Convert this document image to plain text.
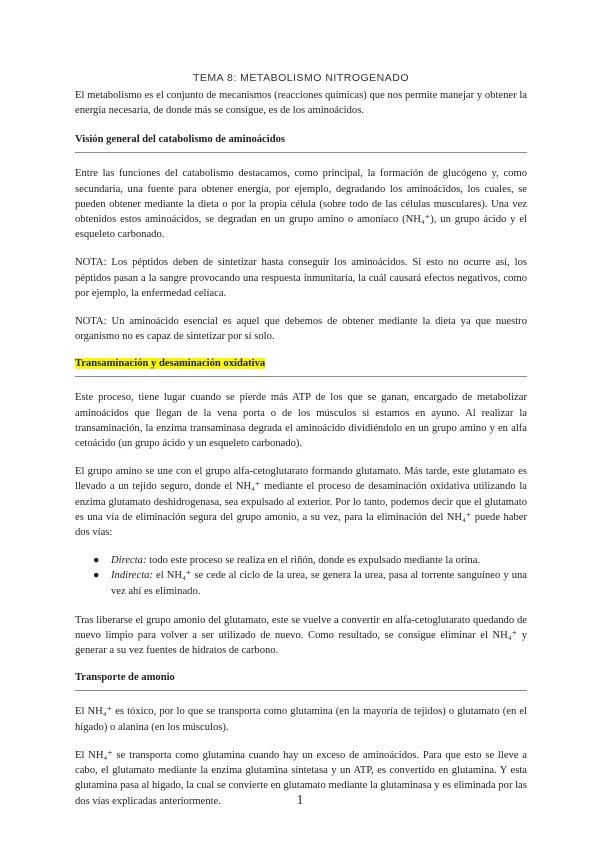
TEMA 8: METABOLISMO NITROGENADO

El metabolismo es el conjunto de mecanismos (reacciones químicas) que nos permite manejar y obtener la energía necesaria, de donde más se consigue, es de los aminoácidos.

Visión general del catabolismo de aminoácidos

Entre las funciones del catabolismo destacamos, como principal, la formación de glucógeno y, como secundaria, una fuente para obtener energía, por ejemplo, degradando los aminoácidos, los cuales, se pueden obtener mediante la dieta o por la propia célula (sobre todo de las células musculares). Una vez obtenidos estos aminoácidos, se degradan en un grupo amino o amoníaco (NH₄⁺), un grupo ácido y el esqueleto carbonado.

NOTA: Los péptidos deben de sintetizar hasta conseguir los aminoácidos. Si esto no ocurre así, los péptidos pasan a la sangre provocando una respuesta inmunitaria, la cuál causará efectos negativos, como por ejemplo, la enfermedad celíaca.

NOTA: Un aminoácido esencial es aquel que debemos de obtener mediante la dieta ya que nuestro organismo no es capaz de sintetizar por sí solo.

Transaminación y desaminación oxidativa

Este proceso, tiene lugar cuando se pierde más ATP de los que se ganan, encargado de metabolizar aminoácidos que llegan de la vena porta o de los músculos si estamos en ayuno. Al realizar la transaminación, la enzima transaminasa degrada el aminoácido dividiéndolo en un grupo amino y en alfa cetoácido (un grupo ácido y un esqueleto carbonado).

El grupo amino se une con el grupo alfa-cetoglutarato formando glutamato. Más tarde, este glutamato es llevado a un tejido seguro, donde el NH₄⁺ mediante el proceso de desaminación oxidativa utilizando la enzima glutamato deshidrogenasa, sea expulsado al exterior. Por lo tanto, podemos decir que el glutamato es una vía de eliminación segura del grupo amonio, a su vez, para la eliminación del NH₄⁺ puede haber dos vías:

● Directa: todo este proceso se realiza en el riñón, donde es expulsado mediante la orina.
● Indirecta: el NH₄⁺ se cede al ciclo de la urea, se genera la urea, pasa al torrente sanguíneo y una vez ahí es eliminado.

Tras liberarse el grupo amonio del glutamato, este se vuelve a convertir en alfa-cetoglutarato quedando de nuevo limpio para volver a ser utilizado de nuevo. Como resultado, se consigue eliminar el NH₄⁺ y generar a su vez fuentes de hidratos de carbono.

Transporte de amonio

El NH₄⁺ es tóxico, por lo que se transporta como glutamina (en la mayoría de tejidos) o glutamato (en el hígado) o alanina (en los músculos).

El NH₄⁺ se transporta como glutamina cuando hay un exceso de aminoácidos. Para que esto se lleve a cabo, el glutamato mediante la enzima glutamina sintetasa y un ATP, es convertido en glutamina. Y esta glutamina pasa al hígado, la cual se convierte en glutamato mediante la glutaminasa y es eliminada por las dos vías explicadas anteriormente.	1
